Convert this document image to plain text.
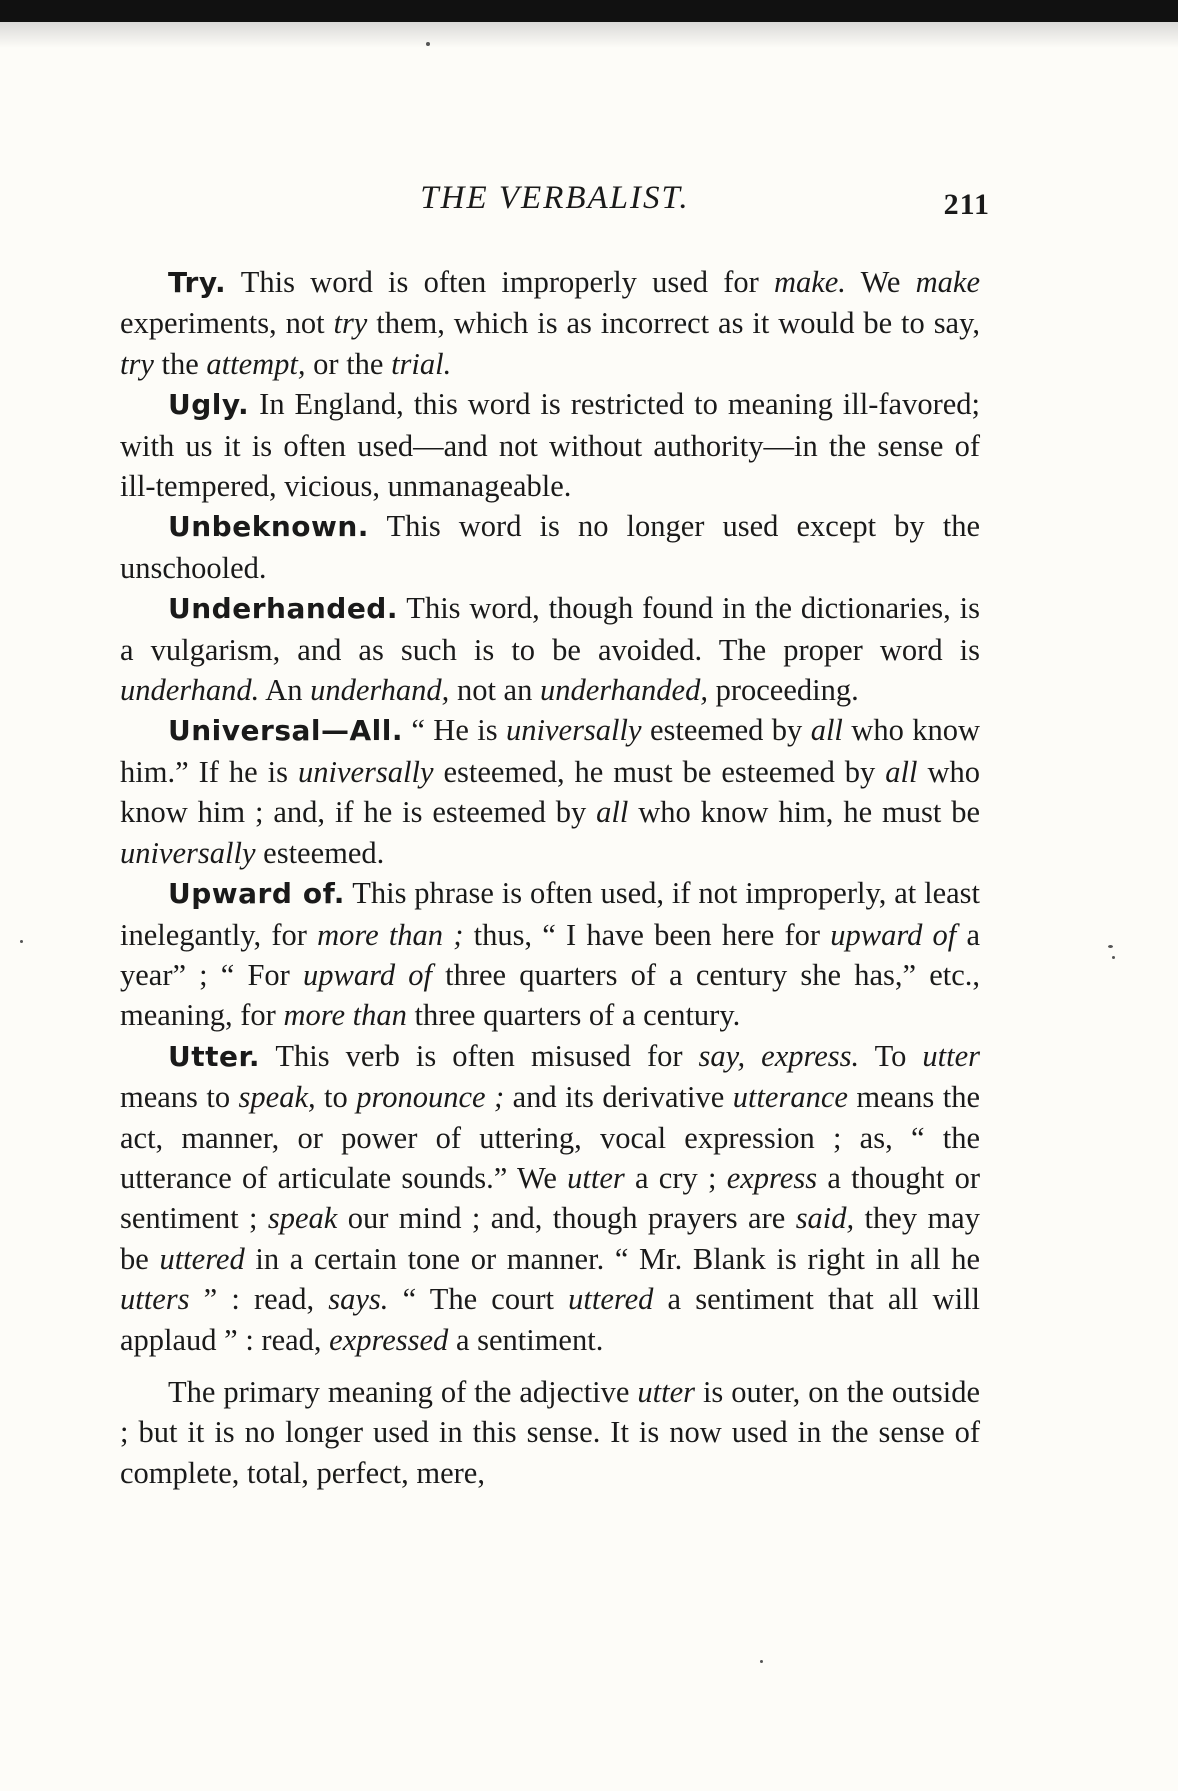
THE VERBALIST.	211

Try. This word is often improperly used for make. We make experiments, not try them, which is as incorrect as it would be to say, try the attempt, or the trial.

Ugly. In England, this word is restricted to meaning ill-favored; with us it is often used—and not without authority—in the sense of ill-tempered, vicious, unmanageable.

Unbeknown. This word is no longer used except by the unschooled.

Underhanded. This word, though found in the dictionaries, is a vulgarism, and as such is to be avoided. The proper word is underhand. An underhand, not an underhanded, proceeding.

Universal—All. “ He is universally esteemed by all who know him.” If he is universally esteemed, he must be esteemed by all who know him ; and, if he is esteemed by all who know him, he must be universally esteemed.

Upward of. This phrase is often used, if not improperly, at least inelegantly, for more than ; thus, “ I have been here for upward of a year” ; “ For upward of three quarters of a century she has,” etc., meaning, for more than three quarters of a century.

Utter. This verb is often misused for say, express. To utter means to speak, to pronounce ; and its derivative utterance means the act, manner, or power of uttering, vocal expression ; as, “ the utterance of articulate sounds.” We utter a cry ; express a thought or sentiment ; speak our mind ; and, though prayers are said, they may be uttered in a certain tone or manner. “ Mr. Blank is right in all he utters ” : read, says. “ The court uttered a sentiment that all will applaud ” : read, expressed a sentiment.

The primary meaning of the adjective utter is outer, on the outside ; but it is no longer used in this sense. It is now used in the sense of complete, total, perfect, mere,
